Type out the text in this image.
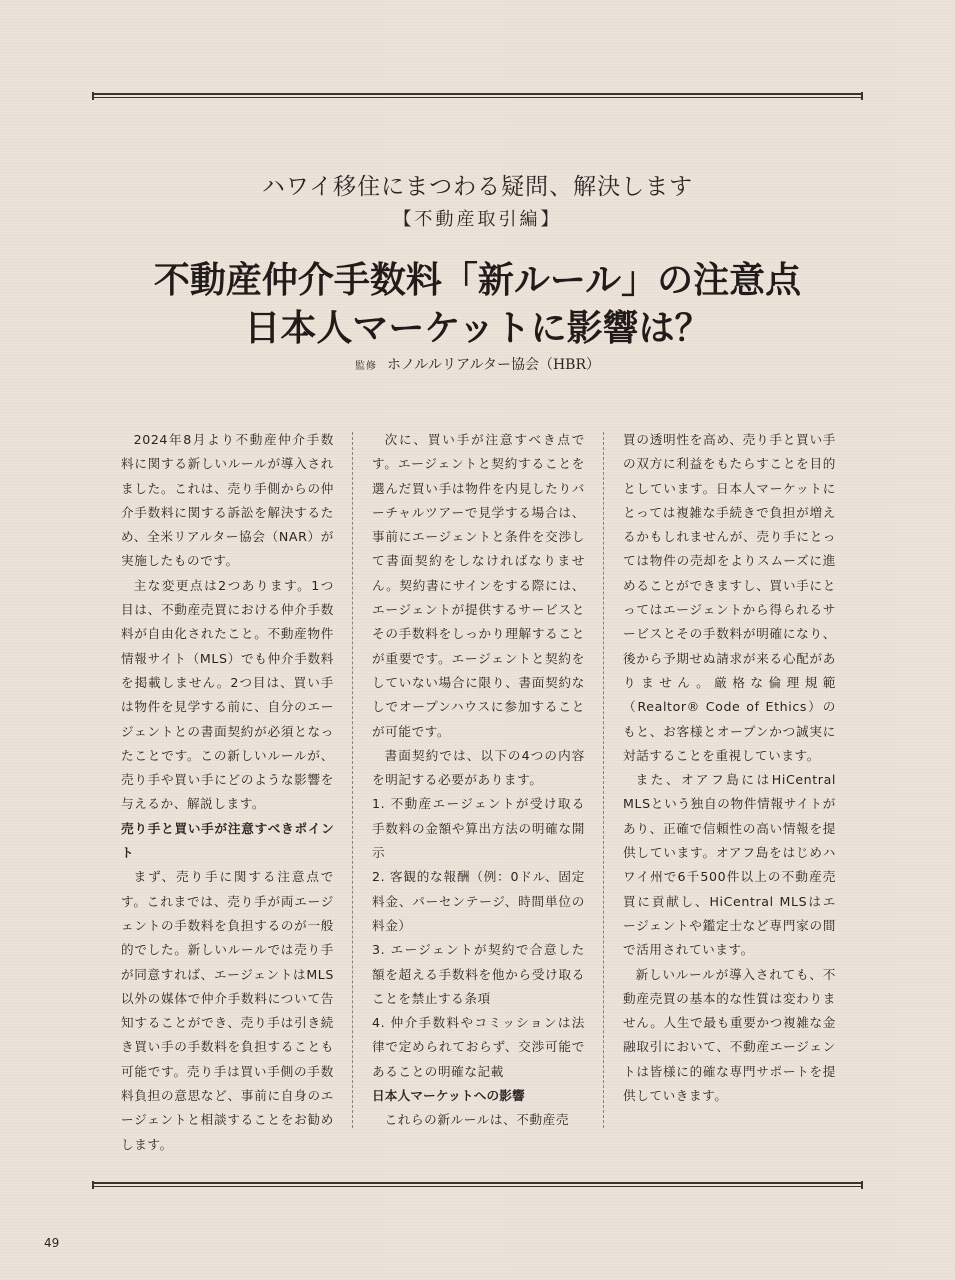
ハワイ移住にまつわる疑問、解決します
【不動産取引編】
不動産仲介手数料「新ルール」の注意点
日本人マーケットに影響は？
監修 ホノルルリアルター協会（HBR）

2024年8月より不動産仲介手数料に関する新しいルールが導入されました。これは、売り手側からの仲介手数料に関する訴訟を解決するため、全米リアルター協会（NAR）が実施したものです。

主な変更点は2つあります。1つ目は、不動産売買における仲介手数料が自由化されたこと。不動産物件情報サイト（MLS）でも仲介手数料を掲載しません。2つ目は、買い手は物件を見学する前に、自分のエージェントとの書面契約が必須となったことです。この新しいルールが、売り手や買い手にどのような影響を与えるか、解説します。

売り手と買い手が注意すべきポイント

まず、売り手に関する注意点です。これまでは、売り手が両エージェントの手数料を負担するのが一般的でした。新しいルールでは売り手が同意すれば、エージェントはMLS以外の媒体で仲介手数料について告知することができ、売り手は引き続き買い手の手数料を負担することも可能です。売り手は買い手側の手数料負担の意思など、事前に自身のエージェントと相談することをお勧めします。

次に、買い手が注意すべき点です。エージェントと契約することを選んだ買い手は物件を内見したりバーチャルツアーで見学する場合は、事前にエージェントと条件を交渉して書面契約をしなければなりません。契約書にサインをする際には、エージェントが提供するサービスとその手数料をしっかり理解することが重要です。エージェントと契約をしていない場合に限り、書面契約なしでオープンハウスに参加することが可能です。

書面契約では、以下の4つの内容を明記する必要があります。

1. 不動産エージェントが受け取る手数料の金額や算出方法の明確な開示

2. 客観的な報酬（例：0ドル、固定料金、パーセンテージ、時間単位の料金）

3. エージェントが契約で合意した額を超える手数料を他から受け取ることを禁止する条項

4. 仲介手数料やコミッションは法律で定められておらず、交渉可能であることの明確な記載

日本人マーケットへの影響

これらの新ルールは、不動産売

買の透明性を高め、売り手と買い手の双方に利益をもたらすことを目的としています。日本人マーケットにとっては複雑な手続きで負担が増えるかもしれませんが、売り手にとっては物件の売却をよりスムーズに進めることができますし、買い手にとってはエージェントから得られるサービスとその手数料が明確になり、後から予期せぬ請求が来る心配がありません。厳格な倫理規範（Realtor® Code of Ethics）のもと、お客様とオープンかつ誠実に対話することを重視しています。

また、オアフ島にはHiCentral MLSという独自の物件情報サイトがあり、正確で信頼性の高い情報を提供しています。オアフ島をはじめハワイ州で6千500件以上の不動産売買に貢献し、HiCentral MLSはエージェントや鑑定士など専門家の間で活用されています。

新しいルールが導入されても、不動産売買の基本的な性質は変わりません。人生で最も重要かつ複雑な金融取引において、不動産エージェントは皆様に的確な専門サポートを提供していきます。

49
